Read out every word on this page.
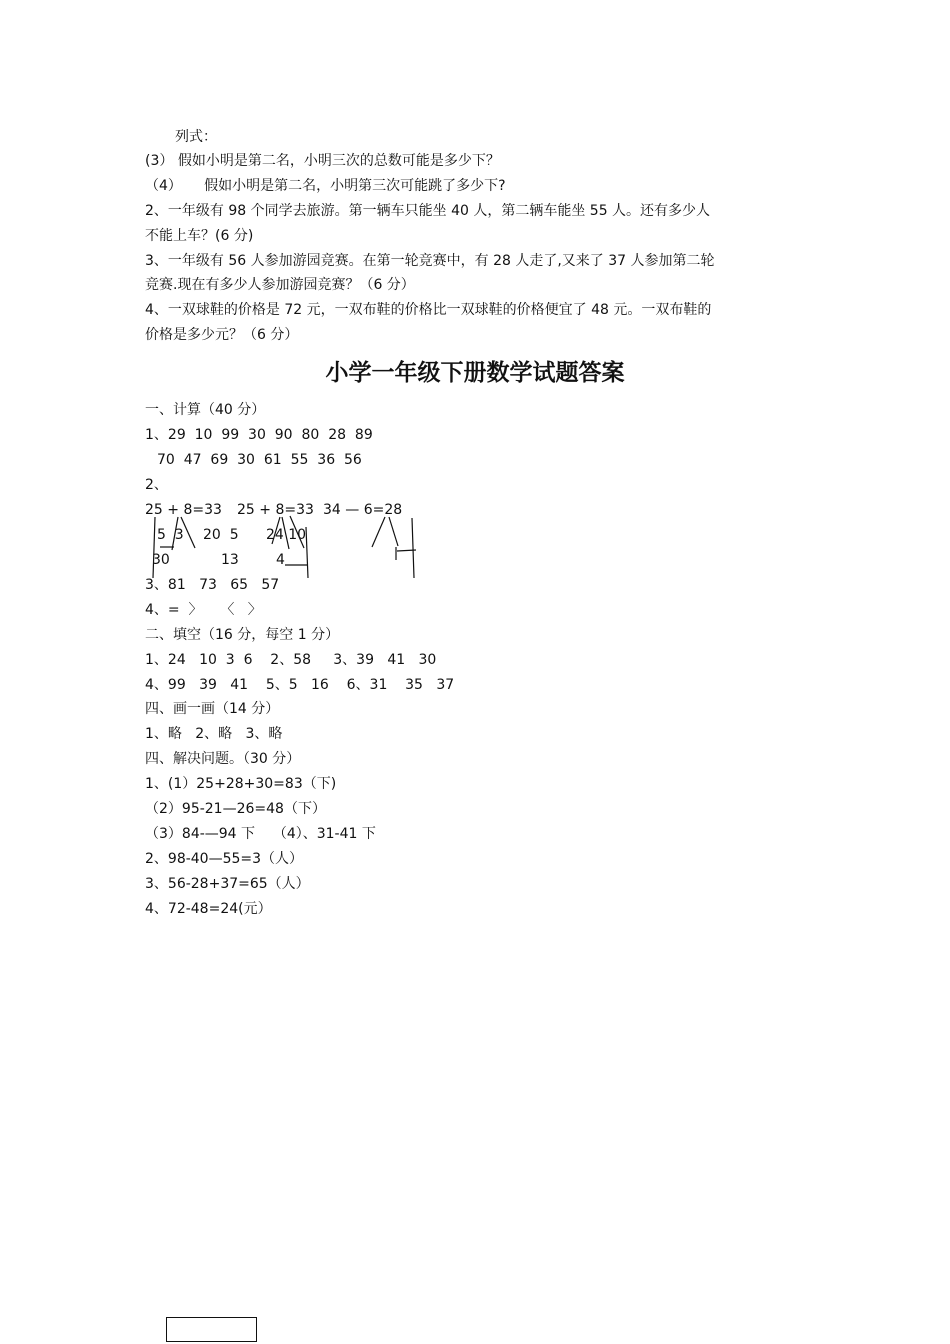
列式：
(3） 假如小明是第二名，小明三次的总数可能是多少下？
（4）     假如小明是第二名，小明第三次可能跳了多少下?
2、一年级有 98 个同学去旅游。第一辆车只能坐 40 人，第二辆车能坐 55 人。还有多少人
不能上车？(6 分)
3、一年级有 56 人参加游园竞赛。在第一轮竞赛中，有 28 人走了,又来了 37 人参加第二轮
竞赛.现在有多少人参加游园竞赛？（6 分）
4、一双球鞋的价格是 72 元，一双布鞋的价格比一双球鞋的价格便宜了 48 元。一双布鞋的
价格是多少元？（6 分）
小学一年级下册数学试题答案
一、计算（40 分）
1、29  10  99  30  90  80  28  89
70  47  69  30  61  55  36  56
2、
25 + 8=33 25 + 8=33 34 — 6=28
5  3 20  5 24 10
30	13	4
3、81   73   65   57
4、=  〉    〈   〉
二、填空（16 分，每空 1 分）
1、24   10  3  6    2、58     3、39   41   30
4、99   39   41    5、5   16    6、31    35   37
四、画一画（14 分）
1、略   2、略   3、略
四、解决问题。（30 分）
1、(1）25+28+30=83（下)
（2）95-21—26=48（下）
（3）84-—94 下    （4）、31-41 下
2、98-40—55=3（人）
3、56-28+37=65（人）
4、72-48=24(元）
